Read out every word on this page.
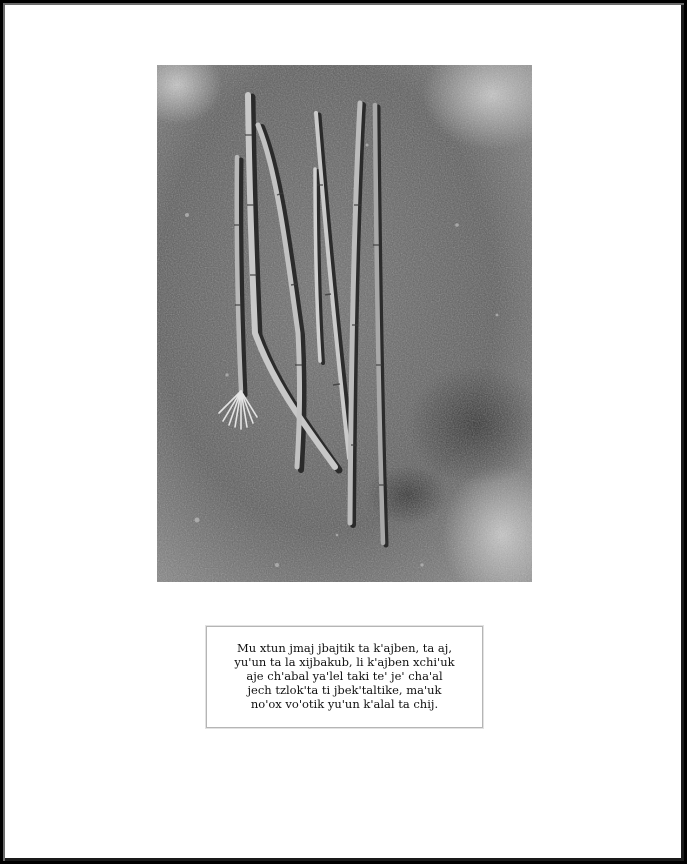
Mu xtun jmaj jbajtik ta k'ajben, ta aj,
yu'un ta la xijbakub, li k'ajben xchi'uk
aje ch'abal ya'lel taki te' je' cha'al
jech tzlok'ta ti jbek'taltike, ma'uk
no'ox vo'otik yu'un k'alal ta chij.
